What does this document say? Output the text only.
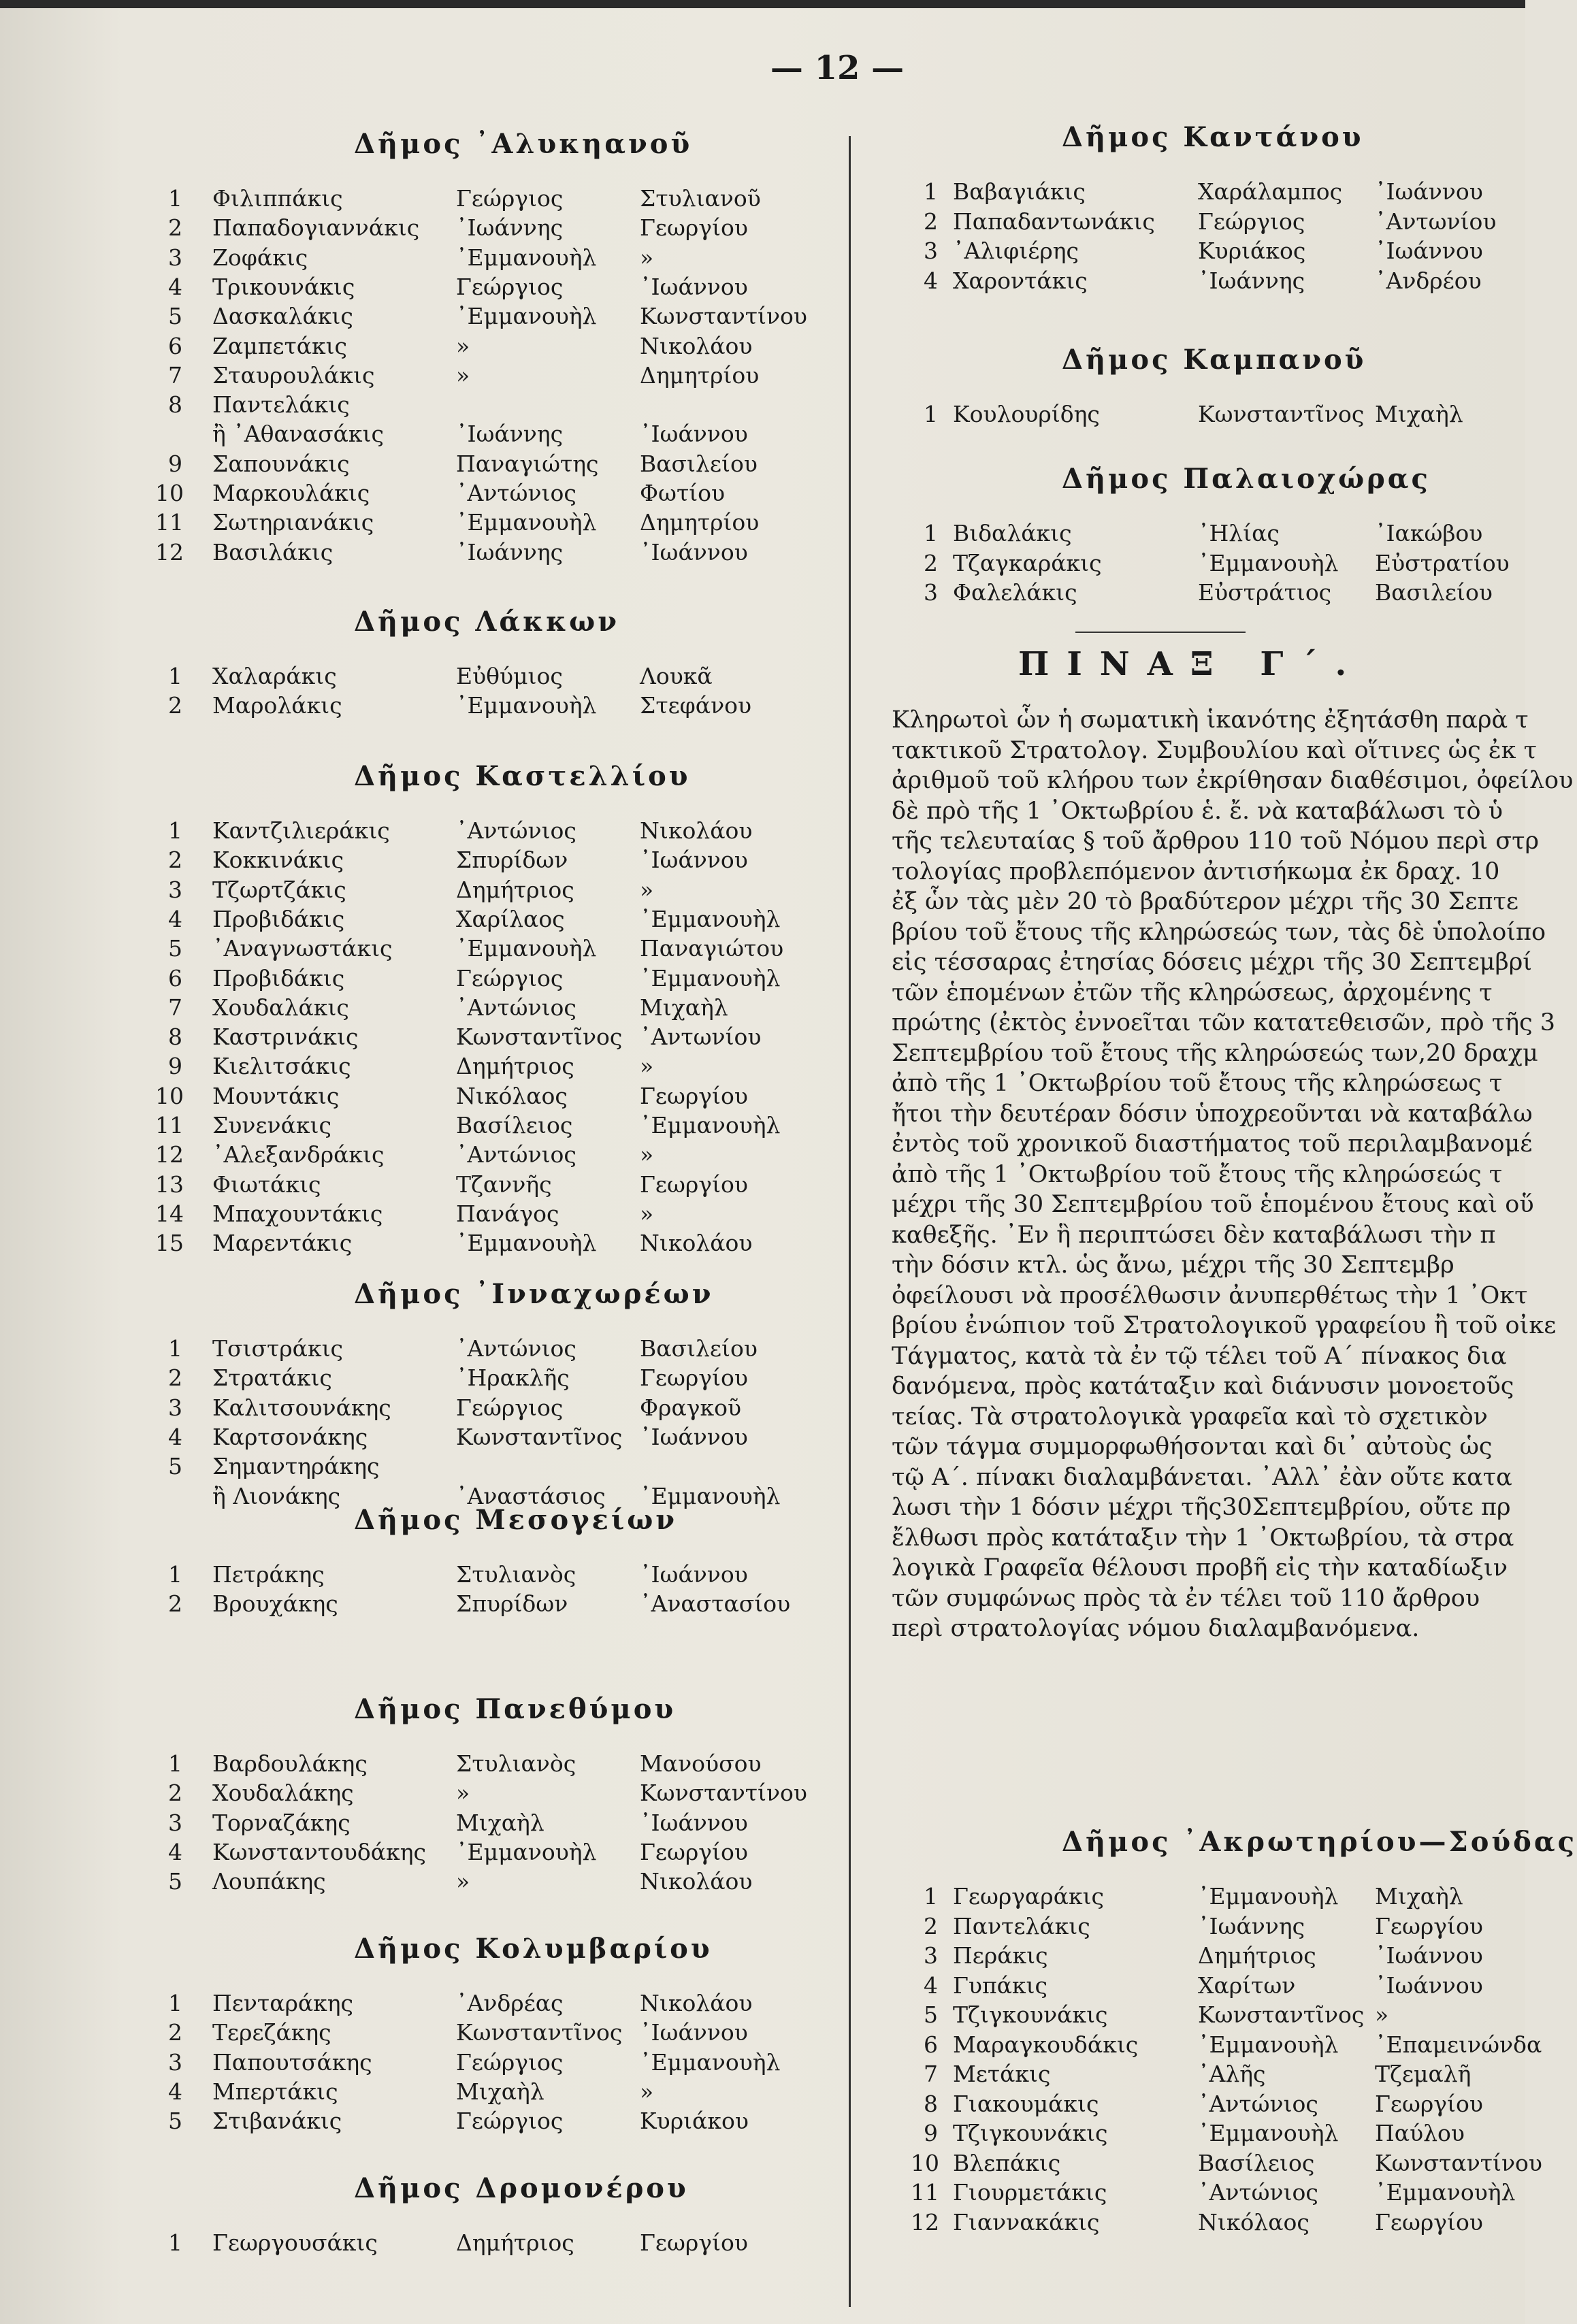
— 12 —
Δῆμος ᾿Αλυκηανοῦ
1 Φιλιππάκις	Γεώργιος	Στυλιανοῦ
2 Παπαδογιαννάκις ᾿Ιωάννης	Γεωργίου
3 Ζοφάκις	᾿Εμμανουὴλ »
4 Τρικουνάκις	Γεώργιος	᾿Ιωάννου
5 Δασκαλάκις	᾿Εμμανουὴλ Κωνσταντίνου
6 Ζαμπετάκις	»	Νικολάου
7 Σταυρουλάκις	»	Δημητρίου
8 Παντελάκις
ἢ ᾿Αθανασάκις	᾿Ιωάννης	᾿Ιωάννου
9 Σαπουνάκις	Παναγιώτης Βασιλείου
10 Μαρκουλάκις	᾿Αντώνιος	Φωτίου
11 Σωτηριανάκις	᾿Εμμανουὴλ Δημητρίου
12 Βασιλάκις	᾿Ιωάννης	᾿Ιωάννου
Δῆμος Λάκκων
1 Χαλαράκις	Εὐθύμιος	Λουκᾶ
2 Μαρολάκις	᾿Εμμανουὴλ Στεφάνου
Δῆμος Καστελλίου
1 Καντζιλιεράκις	᾿Αντώνιος	Νικολάου
2 Κοκκινάκις	Σπυρίδων	᾿Ιωάννου
3 Τζωρτζάκις	Δημήτριος	»
4 Προβιδάκις	Χαρίλαος	᾿Εμμανουὴλ
5 ᾿Αναγνωστάκις	᾿Εμμανουὴλ Παναγιώτου
6 Προβιδάκις	Γεώργιος	᾿Εμμανουὴλ
7 Χουδαλάκις	᾿Αντώνιος	Μιχαὴλ
8 Καστρινάκις	Κωνσταντῖνος ᾿Αντωνίου
9 Κιελιτσάκις	Δημήτριος	»
10 Μουντάκις	Νικόλαος	Γεωργίου
11 Συνενάκις	Βασίλειος	᾿Εμμανουὴλ
12 ᾿Αλεξανδράκις	᾿Αντώνιος	»
13 Φιωτάκις	Τζαννῆς	Γεωργίου
14 Μπαχουντάκις	Πανάγος	»
15 Μαρεντάκις	᾿Εμμανουὴλ Νικολάου
Δῆμος ᾿Ινναχωρέων
1 Τσιστράκις	᾿Αντώνιος	Βασιλείου
2 Στρατάκις	᾿Ηρακλῆς	Γεωργίου
3 Καλιτσουνάκης	Γεώργιος	Φραγκοῦ
4 Καρτσονάκης	Κωνσταντῖνος ᾿Ιωάννου
5 Σημαντηράκης
ἢ Λιονάκης	᾿Αναστάσιος ᾿Εμμανουὴλ
Δῆμος Μεσογείων
1 Πετράκης	Στυλιανὸς	᾿Ιωάννου
2 Βρουχάκης	Σπυρίδων	᾿Αναστασίου
Δῆμος Πανεθύμου
1 Βαρδουλάκης	Στυλιανὸς	Μανούσου
2 Χουδαλάκης	»	Κωνσταντίνου
3 Τορναζάκης	Μιχαὴλ	᾿Ιωάννου
4 Κωνσταντουδάκης ᾿Εμμανουὴλ Γεωργίου
5 Λουπάκης	»	Νικολάου
Δῆμος Κολυμβαρίου
1 Πενταράκης	᾿Ανδρέας	Νικολάου
2 Τερεζάκης	Κωνσταντῖνος ᾿Ιωάννου
3 Παπουτσάκης	Γεώργιος	᾿Εμμανουὴλ
4 Μπερτάκις	Μιχαὴλ	»
5 Στιβανάκις	Γεώργιος	Κυριάκου
Δῆμος Δρομονέρου
1 Γεωργουσάκις	Δημήτριος	Γεωργίου
ΠΙΝΑΞ Γ΄.
Κληρωτοὶ ὧν ἡ σωματικὴ ἱκανότης ἐξητάσθη παρὰ τ
τακτικοῦ Στρατολογ. Συμβουλίου καὶ οἵτινες ὡς ἐκ τ
ἀριθμοῦ τοῦ κλήρου των ἐκρίθησαν διαθέσιμοι, ὀφείλου
δὲ πρὸ τῆς 1 ᾿Οκτωβρίου ἑ. ἔ. νὰ καταβάλωσι τὸ ὑ
τῆς τελευταίας § τοῦ ἄρθρου 110 τοῦ Νόμου περὶ στρ
τολογίας προβλεπόμενον ἀντισήκωμα ἐκ δραχ. 10
ἐξ ὧν τὰς μὲν 20 τὸ βραδύτερον μέχρι τῆς 30 Σεπτε
βρίου τοῦ ἔτους τῆς κληρώσεώς των, τὰς δὲ ὑπολοίπο
εἰς τέσσαρας ἐτησίας δόσεις μέχρι τῆς 30 Σεπτεμβρί
τῶν ἑπομένων ἐτῶν τῆς κληρώσεως, ἀρχομένης τ
πρώτης (ἐκτὸς ἐννοεῖται τῶν κατατεθεισῶν, πρὸ τῆς 3
Σεπτεμβρίου τοῦ ἔτους τῆς κληρώσεώς των,20 δραχμ
ἀπὸ τῆς 1 ᾿Οκτωβρίου τοῦ ἔτους τῆς κληρώσεως τ
ἤτοι τὴν δευτέραν δόσιν ὑποχρεοῦνται νὰ καταβάλω
ἐντὸς τοῦ χρονικοῦ διαστήματος τοῦ περιλαμβανομέ
ἀπὸ τῆς 1 ᾿Οκτωβρίου τοῦ ἔτους τῆς κληρώσεώς τ
μέχρι τῆς 30 Σεπτεμβρίου τοῦ ἑπομένου ἔτους καὶ οὕ
καθεξῆς. ᾿Εν ἣ περιπτώσει δὲν καταβάλωσι τὴν π
τὴν δόσιν κτλ. ὡς ἄνω, μέχρι τῆς 30 Σεπτεμβρ
ὀφείλουσι νὰ προσέλθωσιν ἀνυπερθέτως τὴν 1 ᾿Οκτ
βρίου ἐνώπιον τοῦ Στρατολογικοῦ γραφείου ἢ τοῦ οἰκε
Τάγματος, κατὰ τὰ ἐν τῷ τέλει τοῦ Α΄ πίνακος δια
δανόμενα, πρὸς κατάταξιν καὶ διάνυσιν μονοετοῦς
τείας. Τὰ στρατολογικὰ γραφεῖα καὶ τὸ σχετικὸν
τῶν τάγμα συμμορφωθήσονται καὶ δι᾿ αὐτοὺς ὡς
τῷ Α΄. πίνακι διαλαμβάνεται. ᾿Αλλ᾿ ἐὰν οὔτε κατα
λωσι τὴν 1 δόσιν μέχρι τῆς30Σεπτεμβρίου, οὔτε πρ
ἔλθωσι πρὸς κατάταξιν τὴν 1 ᾿Οκτωβρίου, τὰ στρα
λογικὰ Γραφεῖα θέλουσι προβῆ εἰς τὴν καταδίωξιν
τῶν συμφώνως πρὸς τὰ ἐν τέλει τοῦ 110 ἄρθρου
περὶ στρατολογίας νόμου διαλαμβανόμενα.
Δῆμος Καντάνου
1 Βαβαγιάκις	Χαράλαμπος ᾿Ιωάννου
2 Παπαδαντωνάκις Γεώργιος	᾿Αντωνίου
3 ᾿Αλιφιέρης	Κυριάκος	᾿Ιωάννου
4 Χαροντάκις	᾿Ιωάννης	᾿Ανδρέου
Δῆμος Καμπανοῦ
1 Κουλουρίδης	Κωνσταντῖνος Μιχαὴλ
Δῆμος Παλαιοχώρας
1 Βιδαλάκις	᾿Ηλίας	᾿Ιακώβου
2 Τζαγκαράκις	᾿Εμμανουὴλ Εὐστρατίου
3 Φαλελάκις	Εὐστράτιος Βασιλείου
Δῆμος ᾿Ακρωτηρίου—Σούδας
1 Γεωργαράκις	᾿Εμμανουὴλ Μιχαὴλ
2 Παντελάκις	᾿Ιωάννης	Γεωργίου
3 Περάκις	Δημήτριος	᾿Ιωάννου
4 Γυπάκις	Χαρίτων	᾿Ιωάννου
5 Τζιγκουνάκις	Κωνσταντῖνος »
6 Μαραγκουδάκις	᾿Εμμανουὴλ ᾿Επαμεινώνδα
7 Μετάκις	᾿Αλῆς	Τζεμαλῆ
8 Γιακουμάκις	᾿Αντώνιος	Γεωργίου
9 Τζιγκουνάκις	᾿Εμμανουὴλ Παύλου
10 Βλεπάκις	Βασίλειος	Κωνσταντίνου
11 Γιουρμετάκις	᾿Αντώνιος	᾿Εμμανουὴλ
12 Γιαννακάκις	Νικόλαος	Γεωργίου
